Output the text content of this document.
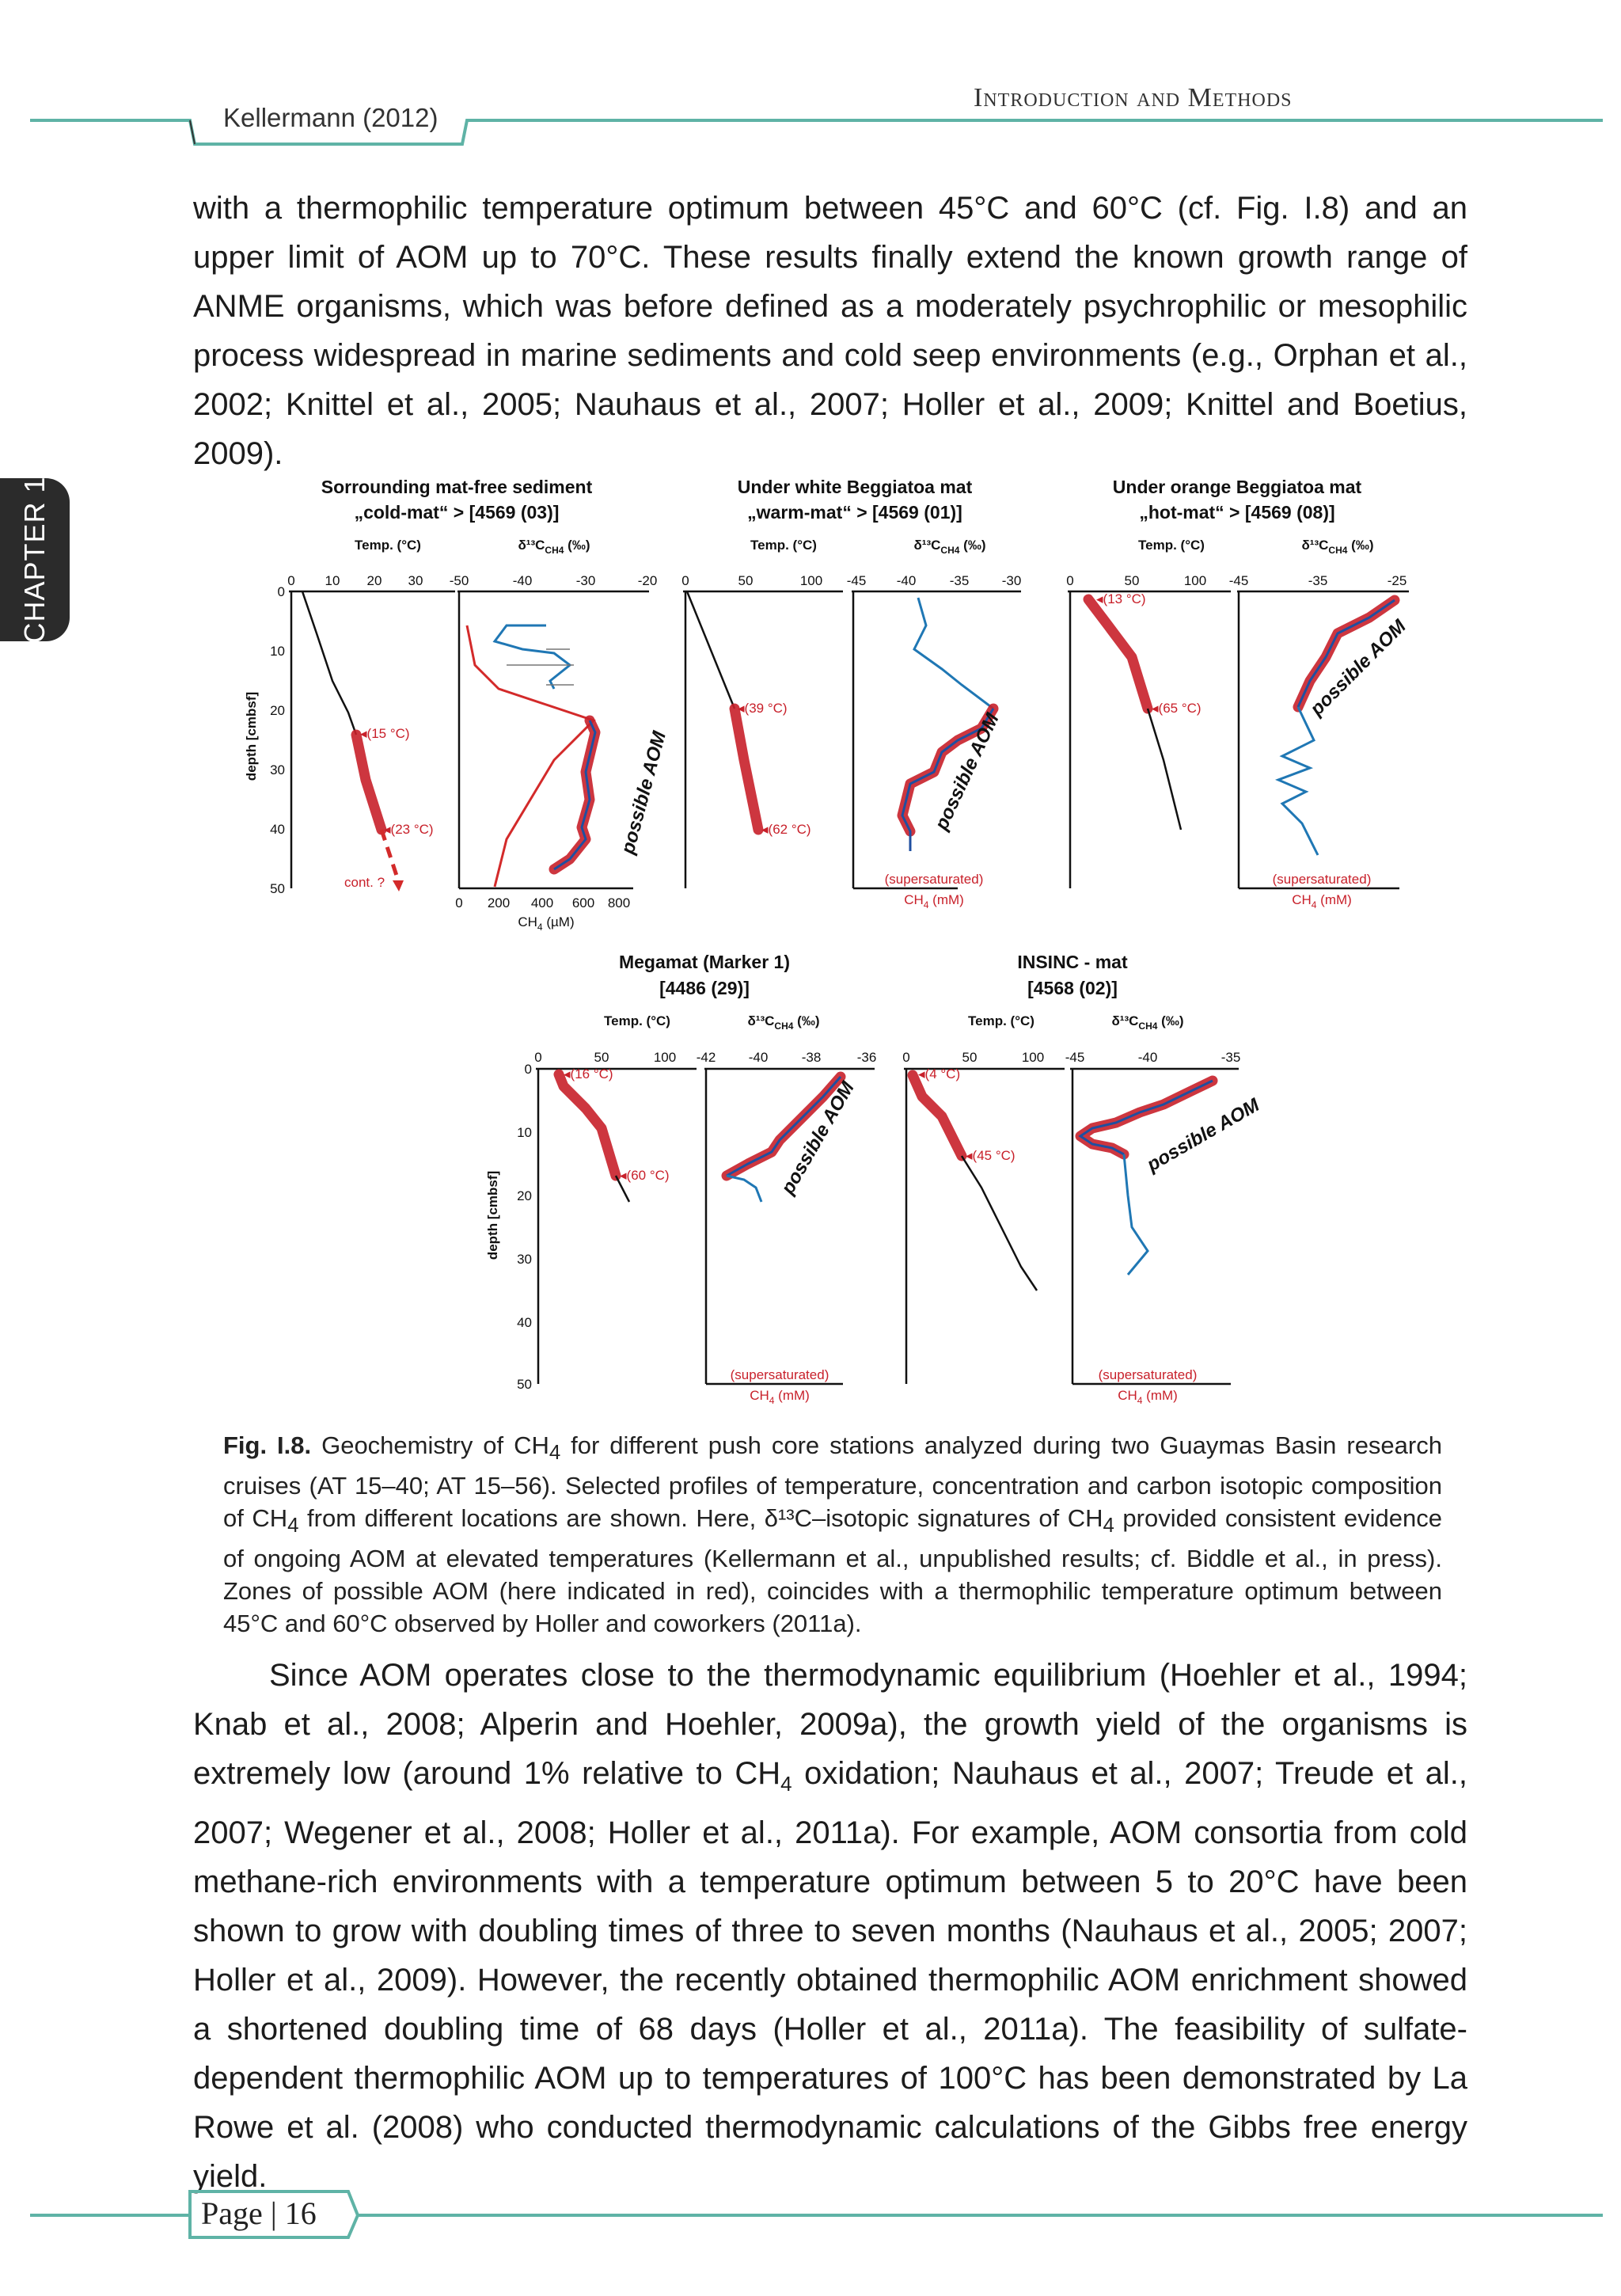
Kellermann (2012)
Introduction and Methods
CHAPTER 1

with a thermophilic temperature optimum between 45°C and 60°C (cf. Fig. I.8) and an upper limit of AOM up to 70°C. These results finally extend the known growth range of ANME organisms, which was before defined as a moderately psychrophilic or mesophilic process widespread in marine sediments and cold seep environments (e.g., Orphan et al., 2002; Knittel et al., 2005; Nauhaus et al., 2007; Holler et al., 2009; Knittel and Boetius, 2009).

Sorrounding mat-free sediment
„cold-mat“ > [4569 (03)]
Under white Beggiatoa mat
„warm-mat“ > [4569 (01)]
Under orange Beggiatoa mat
„hot-mat“ > [4569 (08)]
Temp. (°C)	$\delta^{13}C_{CH4}$ (‰)	Temp. (°C)	$\delta^{13}C_{CH4}$ (‰)	Temp. (°C)	$\delta^{13}C_{CH4}$ (‰)
depth [cmbsf]
0 10 20 30
0
10
20
30
40
50
◂(15 °C)
◂(23 °C)
cont. ?
-50	-40	-30	-20
0 200 400 600 800
$CH_4$ (µM)
possible AOM
0	50	100
◂(39 °C)
◂(62 °C)
-45 -40 -35 -30
(supersaturated)
$CH_4$ (mM)
possible AOM
0	50	100
◂(13 °C)
◂(65 °C)
-45	-35	-25
(supersaturated)
$CH_4$ (mM)
possible AOM
Megamat (Marker 1)
[4486 (29)]
INSINC - mat
[4568 (02)]
Temp. (°C)	$\delta^{13}C_{CH4}$ (‰)	Temp. (°C)	$\delta^{13}C_{CH4}$ (‰)
depth [cmbsf]
0	50	100
0
10
20
30
40
50
◂(16 °C)
◂(60 °C)
-42 -40 -38	-36
(supersaturated)
$CH_4$ (mM)
possible AOM
0	50	100
◂(4 °C)
◂(45 °C)
-45	-40	-35
(supersaturated)
$CH_4$ (mM)
possible AOM
Fig. I.8. Geochemistry of $CH_4$ for different push core stations analyzed during two Guaymas Basin research cruises (AT 15–40; AT 15–56). Selected profiles of temperature, concentration and carbon isotopic composition of $CH_4$ from different locations are shown. Here, δ¹³C–isotopic signatures of $CH_4$ provided consistent evidence of ongoing AOM at elevated temperatures (Kellermann et al., unpublished results; cf. Biddle et al., in press). Zones of possible AOM (here indicated in red), coincides with a thermophilic temperature optimum between 45°C and 60°C observed by Holler and coworkers (2011a).

Since AOM operates close to the thermodynamic equilibrium (Hoehler et al., 1994; Knab et al., 2008; Alperin and Hoehler, 2009a), the growth yield of the organisms is extremely low (around 1% relative to $CH_4$ oxidation; Nauhaus et al., 2007; Treude et al., 2007; Wegener et al., 2008; Holler et al., 2011a). For example, AOM consortia from cold methane-rich environments with a temperature optimum between 5 to 20°C have been shown to grow with doubling times of three to seven months (Nauhaus et al., 2005; 2007; Holler et al., 2009). However, the recently obtained thermophilic AOM enrichment showed a shortened doubling time of 68 days (Holler et al., 2011a). The feasibility of sulfate-dependent thermophilic AOM up to temperatures of 100°C has been demonstrated by La Rowe et al. (2008) who conducted thermodynamic calculations of the Gibbs free energy yield.

Page | 16
